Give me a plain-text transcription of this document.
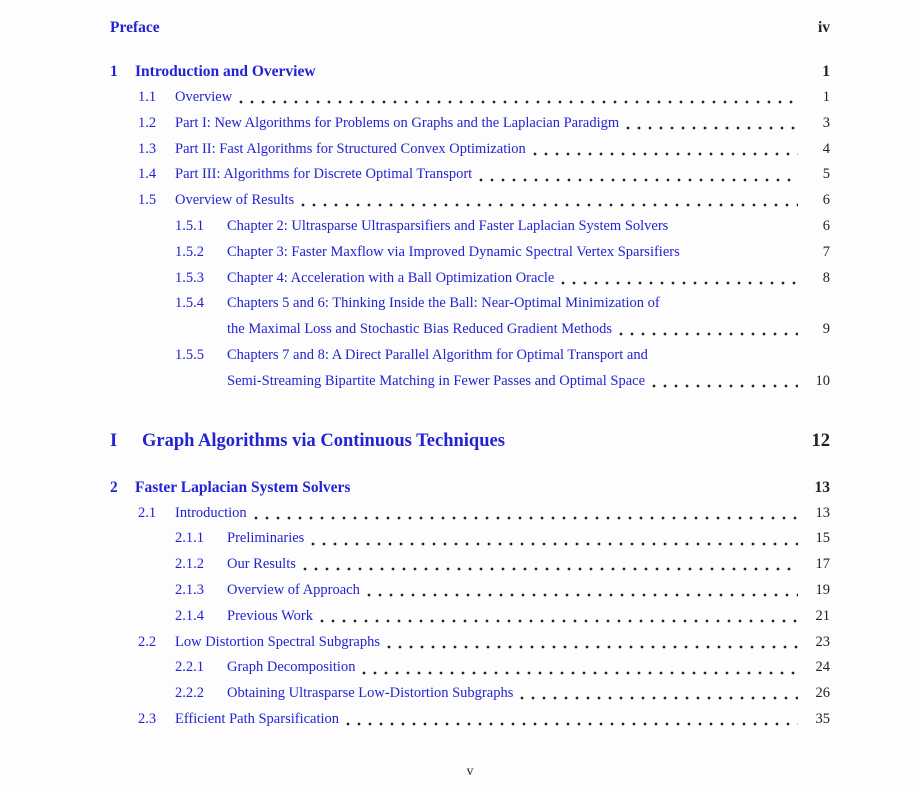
Preface	iv
1	Introduction and Overview	1
1.1	Overview	1
1.2	Part I: New Algorithms for Problems on Graphs and the Laplacian Paradigm	3
1.3	Part II: Fast Algorithms for Structured Convex Optimization	4
1.4	Part III: Algorithms for Discrete Optimal Transport	5
1.5	Overview of Results	6
1.5.1	Chapter 2: Ultrasparse Ultrasparsifiers and Faster Laplacian System Solvers	6
1.5.2	Chapter 3: Faster Maxflow via Improved Dynamic Spectral Vertex Sparsifiers	7
1.5.3	Chapter 4: Acceleration with a Ball Optimization Oracle	8
1.5.4	Chapters 5 and 6: Thinking Inside the Ball: Near-Optimal Minimization of
the Maximal Loss and Stochastic Bias Reduced Gradient Methods	9
1.5.5	Chapters 7 and 8: A Direct Parallel Algorithm for Optimal Transport and
Semi-Streaming Bipartite Matching in Fewer Passes and Optimal Space	10
I	Graph Algorithms via Continuous Techniques	12
2	Faster Laplacian System Solvers	13
2.1	Introduction	13
2.1.1	Preliminaries	15
2.1.2	Our Results	17
2.1.3	Overview of Approach	19
2.1.4	Previous Work	21
2.2	Low Distortion Spectral Subgraphs	23
2.2.1	Graph Decomposition	24
2.2.2	Obtaining Ultrasparse Low-Distortion Subgraphs	26
2.3	Efficient Path Sparsification	35
v
